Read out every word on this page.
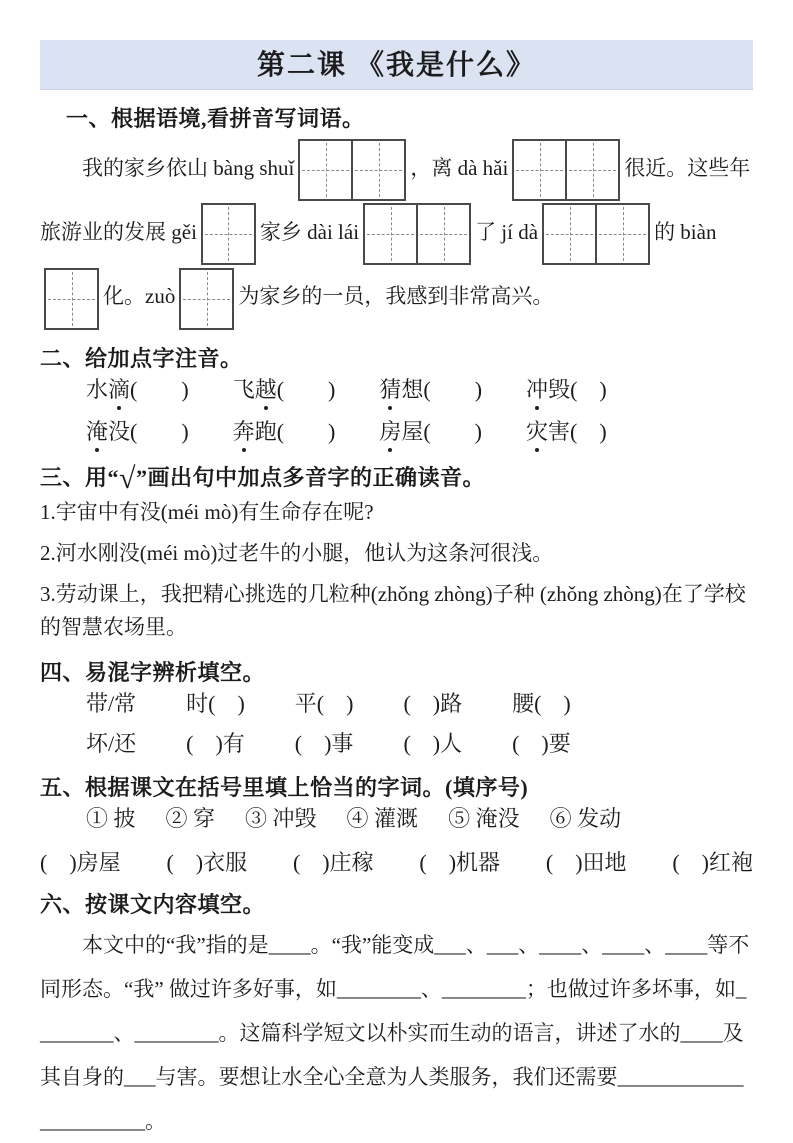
第二课 《我是什么》
一、根据语境,看拼音写词语。

我的家乡依山 bàng shuǐ	，离 dà hǎi	很近。这些年旅游业的发展 gěi	家乡 dài lái	了 jí dà	的 biàn
化。zuò	为家乡的一员，我感到非常高兴。

二、给加点字注音。
水滴(　　) 飞越(　　) 猜想(　　) 冲毁(　)
淹没(　　) 奔跑(　　) 房屋(　　) 灾害(　)
三、用“√”画出句中加点多音字的正确读音。

1.宇宙中有没(méi mò)有生命存在呢?

2.河水刚没(méi mò)过老牛的小腿，他认为这条河很浅。

3.劳动课上，我把精心挑选的几粒种(zhǒng zhòng)子种 (zhǒng zhòng)在了学校的智慧农场里。

四、易混字辨析填空。
带/常 时(　) 平(　) (　)路 腰(　)
坏/还 (　)有 (　)事 (　)人 (　)要
五、根据课文在括号里填上恰当的字词。(填序号)
① 披 ② 穿 ③ 冲毁 ④ 灌溉 ⑤ 淹没 ⑥ 发动
(　)房屋 (　)衣服 (　)庄稼 (　)机器 (　)田地 (　)红袍
六、按课文内容填空。

本文中的“我”指的是____。“我”能变成___、___、____、____、____等不同形态。“我” 做过许多好事，如________、________；也做过许多坏事，如________、________。这篇科学短文以朴实而生动的语言，讲述了水的____及其自身的___与害。要想让水全心全意为人类服务，我们还需要______________________。
